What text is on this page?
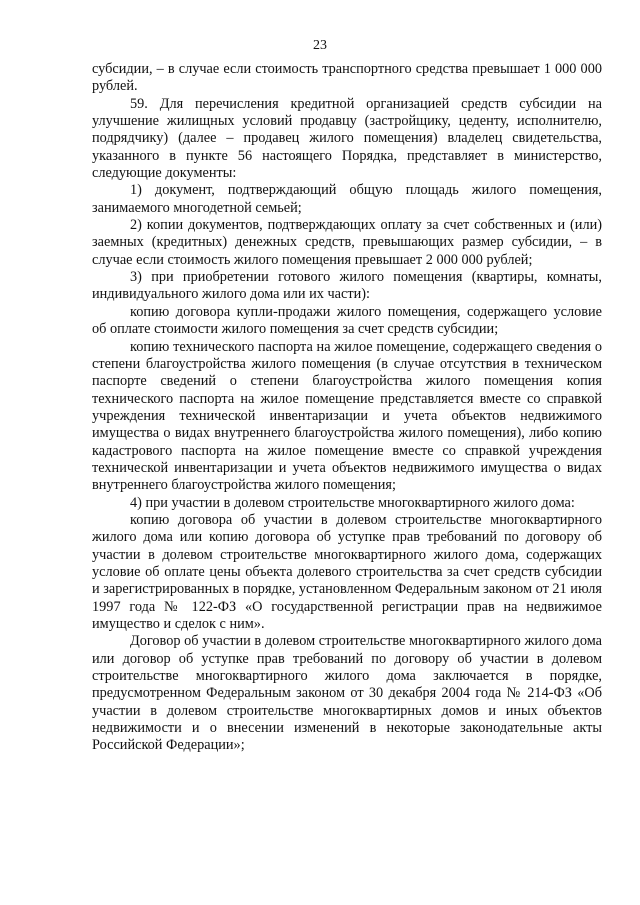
23

субсидии, – в случае если стоимость транспортного средства превышает 1 000 000 рублей.

59. Для перечисления кредитной организацией средств субсидии на улучшение жилищных условий продавцу (застройщику, цеденту, исполнителю, подрядчику) (далее – продавец жилого помещения) владелец свидетельства, указанного в пункте 56 настоящего Порядка, представляет в министерство, следующие документы:

1) документ, подтверждающий общую площадь жилого помещения, занимаемого многодетной семьей;

2) копии документов, подтверждающих оплату за счет собственных и (или) заемных (кредитных) денежных средств, превышающих размер субсидии, – в случае если стоимость жилого помещения превышает 2 000 000 рублей;

3) при приобретении готового жилого помещения (квартиры, комнаты, индивидуального жилого дома или их части):

копию договора купли-продажи жилого помещения, содержащего условие об оплате стоимости жилого помещения за счет средств субсидии;

копию технического паспорта на жилое помещение, содержащего сведения о степени благоустройства жилого помещения (в случае отсутствия в техническом паспорте сведений о степени благоустройства жилого помещения копия технического паспорта на жилое помещение представляется вместе со справкой учреждения технической инвентаризации и учета объектов недвижимого имущества о видах внутреннего благоустройства жилого помещения), либо копию кадастрового паспорта на жилое помещение вместе со справкой учреждения технической инвентаризации и учета объектов недвижимого имущества о видах внутреннего благоустройства жилого помещения;

4) при участии в долевом строительстве многоквартирного жилого дома:

копию договора об участии в долевом строительстве многоквартирного жилого дома или копию договора об уступке прав требований по договору об участии в долевом строительстве многоквартирного жилого дома, содержащих условие об оплате цены объекта долевого строительства за счет средств субсидии и зарегистрированных в порядке, установленном Федеральным законом от 21 июля 1997 года № 122-ФЗ «О государственной регистрации прав на недвижимое имущество и сделок с ним».

Договор об участии в долевом строительстве многоквартирного жилого дома или договор об уступке прав требований по договору об участии в долевом строительстве многоквартирного жилого дома заключается в порядке, предусмотренном Федеральным законом от 30 декабря 2004 года № 214-ФЗ «Об участии в долевом строительстве многоквартирных домов и иных объектов недвижимости и о внесении изменений в некоторые законодательные акты Российской Федерации»;
